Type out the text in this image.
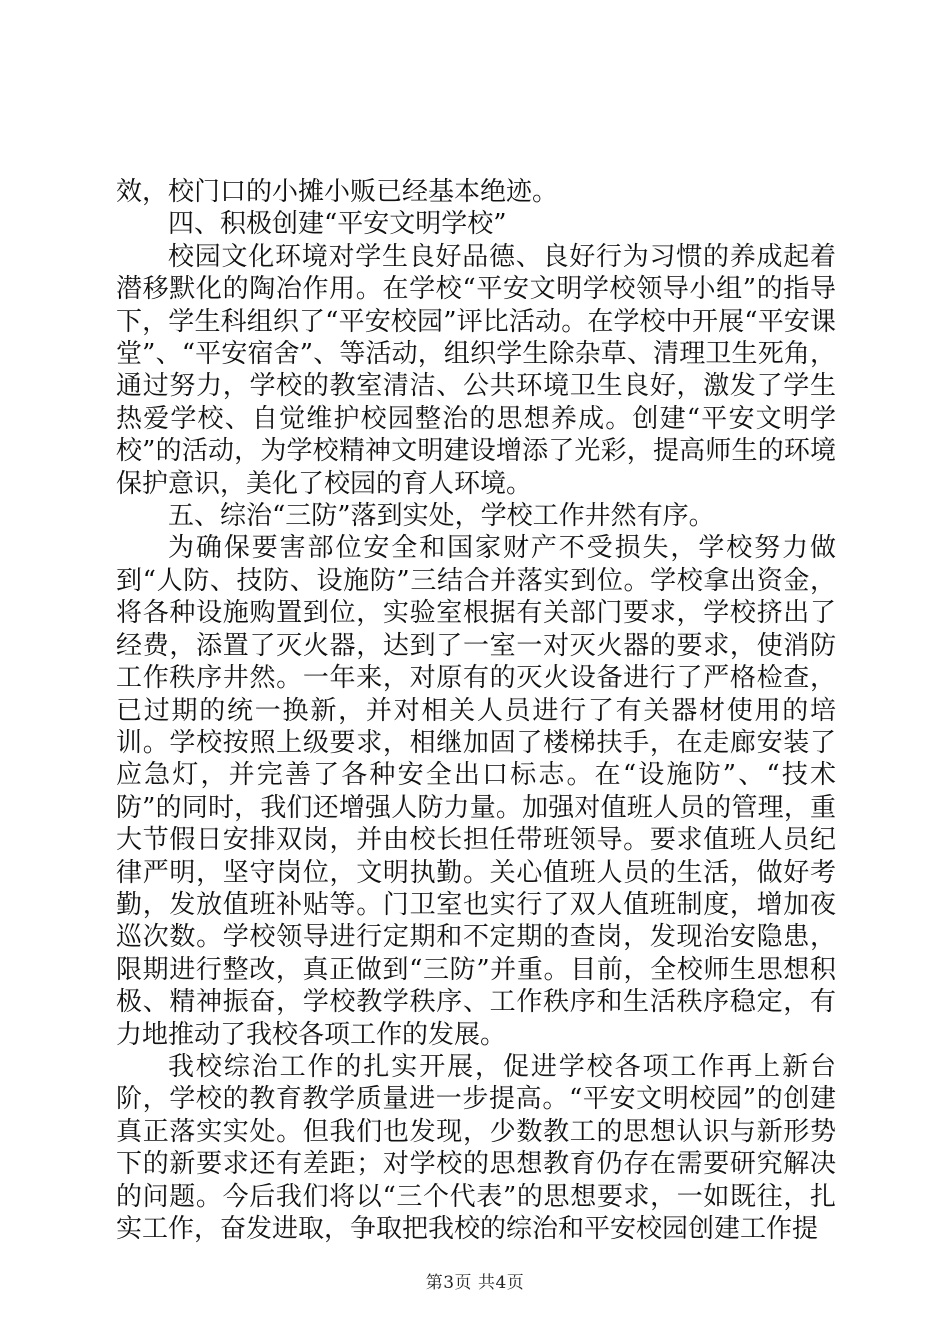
效，校门口的小摊小贩已经基本绝迹。

四、积极创建“平安文明学校”

校园文化环境对学生良好品德、良好行为习惯的养成起着潜移默化的陶冶作用。在学校“平安文明学校领导小组”的指导下，学生科组织了“平安校园”评比活动。在学校中开展“平安课堂”、“平安宿舍”、等活动，组织学生除杂草、清理卫生死角，通过努力，学校的教室清洁、公共环境卫生良好，激发了学生热爱学校、自觉维护校园整治的思想养成。创建“平安文明学校”的活动，为学校精神文明建设增添了光彩，提高师生的环境保护意识，美化了校园的育人环境。

五、综治“三防”落到实处，学校工作井然有序。

为确保要害部位安全和国家财产不受损失，学校努力做到“人防、技防、设施防”三结合并落实到位。学校拿出资金，将各种设施购置到位，实验室根据有关部门要求，学校挤出了经费，添置了灭火器，达到了一室一对灭火器的要求，使消防工作秩序井然。一年来，对原有的灭火设备进行了严格检查，已过期的统一换新，并对相关人员进行了有关器材使用的培训。学校按照上级要求，相继加固了楼梯扶手，在走廊安装了应急灯，并完善了各种安全出口标志。在“设施防”、“技术防”的同时，我们还增强人防力量。加强对值班人员的管理，重大节假日安排双岗，并由校长担任带班领导。要求值班人员纪律严明，坚守岗位，文明执勤。关心值班人员的生活，做好考勤，发放值班补贴等。门卫室也实行了双人值班制度，增加夜巡次数。学校领导进行定期和不定期的查岗，发现治安隐患，限期进行整改，真正做到“三防”并重。目前，全校师生思想积极、精神振奋，学校教学秩序、工作秩序和生活秩序稳定，有力地推动了我校各项工作的发展。

我校综治工作的扎实开展，促进学校各项工作再上新台阶，学校的教育教学质量进一步提高。“平安文明校园”的创建真正落实实处。但我们也发现，少数教工的思想认识与新形势下的新要求还有差距；对学校的思想教育仍存在需要研究解决的问题。今后我们将以“三个代表”的思想要求，一如既往，扎实工作，奋发进取，争取把我校的综治和平安校园创建工作提

第3页 共4页
